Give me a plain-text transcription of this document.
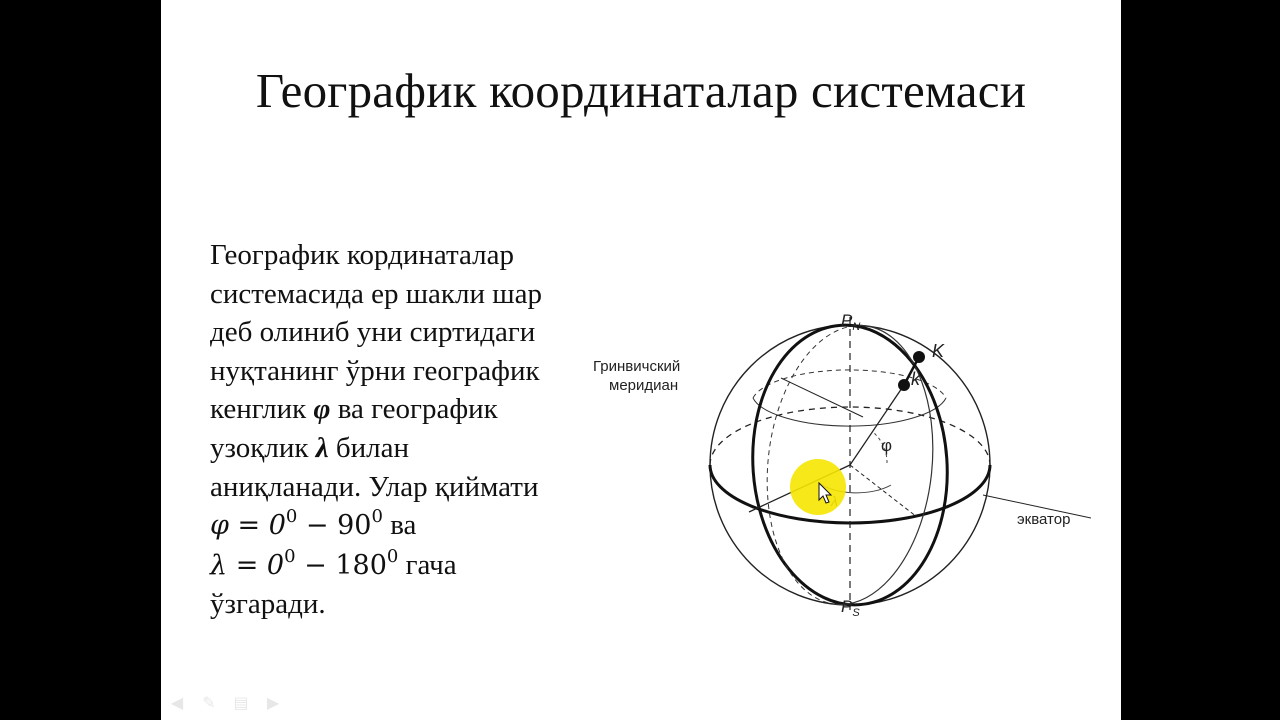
Географик координаталар системаси
Географик кординаталар
системасида ер шакли шар
деб олиниб уни сиртидаги
нуқтанинг ўрни географик
кенглик φ ва географик
узоқлик λ билан
аниқланади. Улар қиймати
$\varphi = 0^0 - 90^0$ ва
$\lambda = 0^0 - 180^0$ гача
ўзгаради.
$P_N$
$P_S$
K
k
φ
Гринвичский меридиан
экватор
◀ ✎ ▤ ▶
